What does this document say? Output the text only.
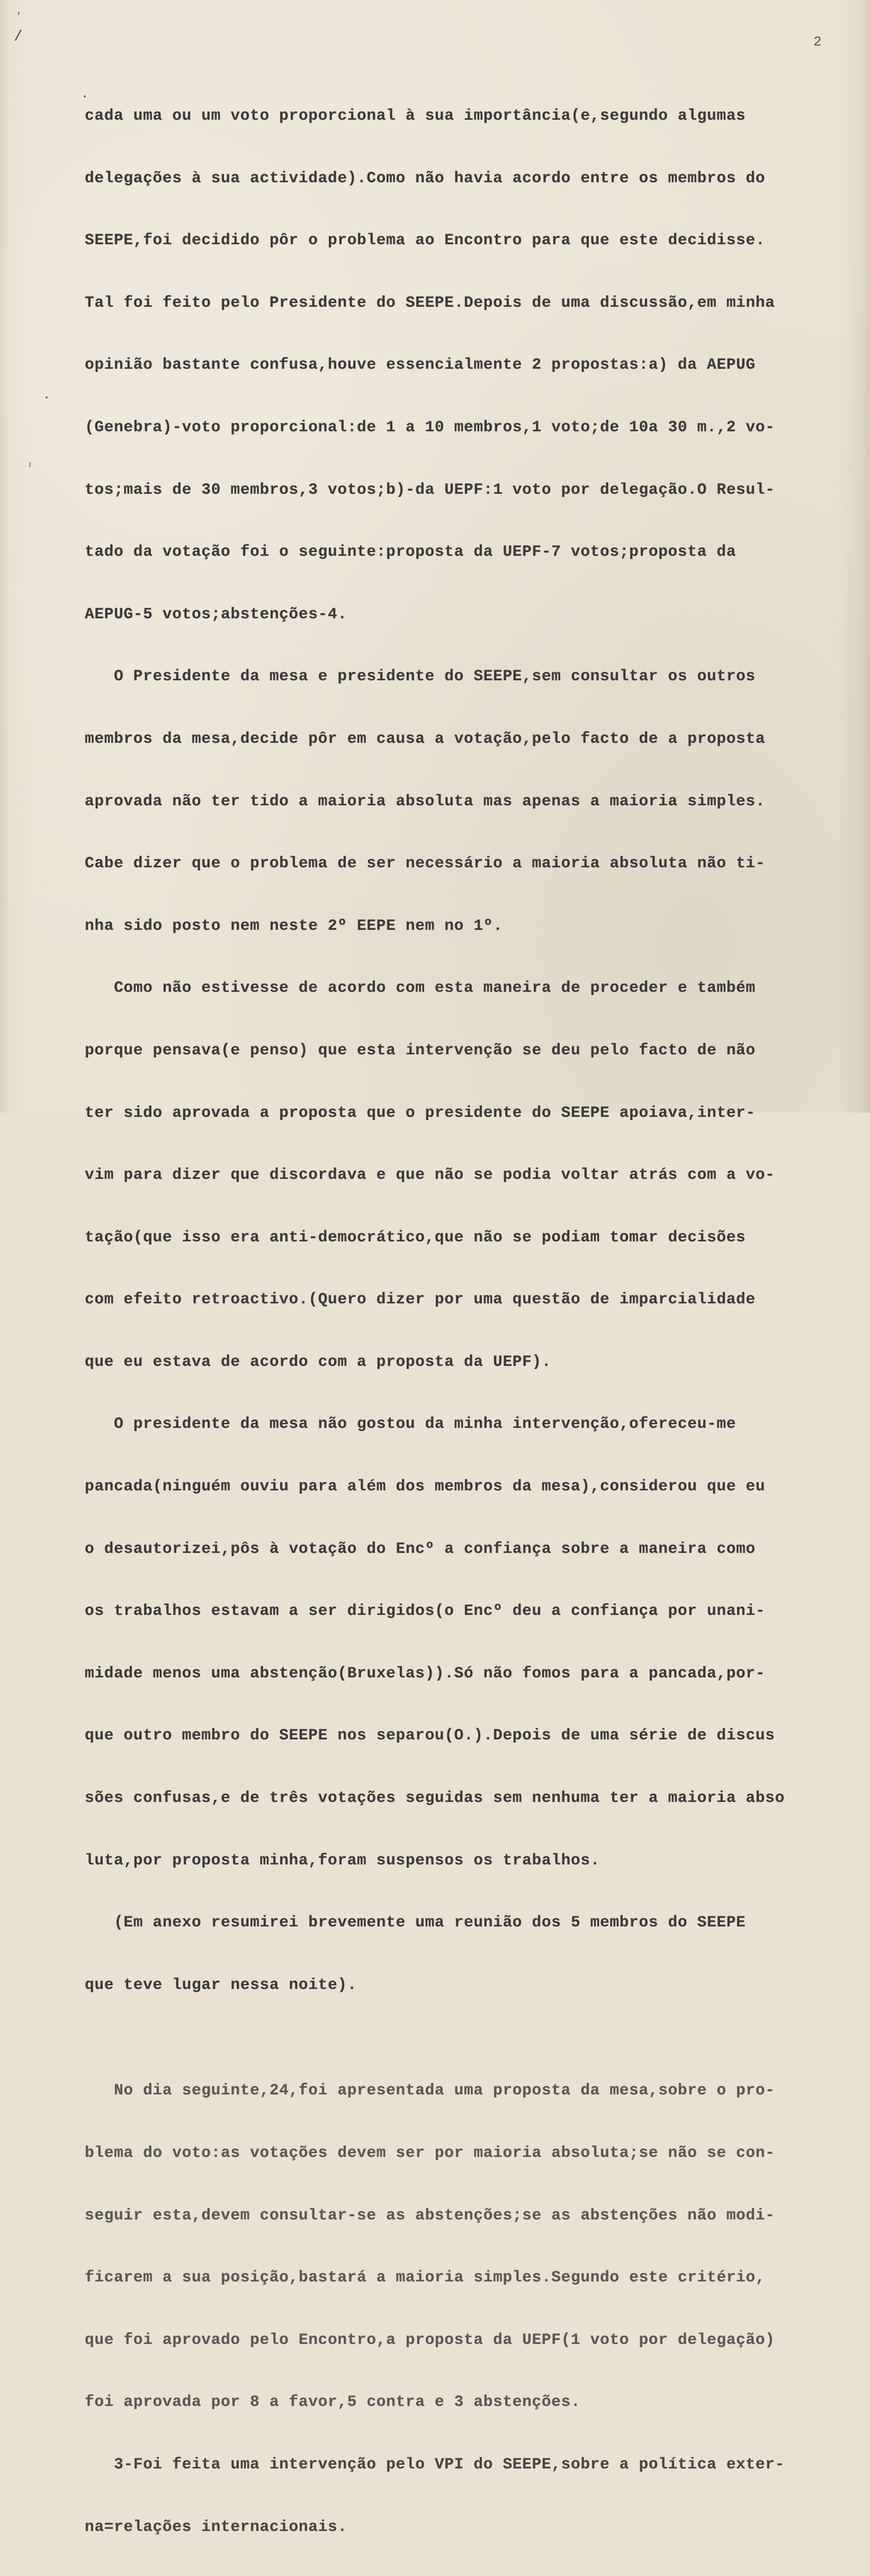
'
/	2

cada uma ou um voto proporcional à sua importância(e,segundo algumas

delegações à sua actividade).Como não havia acordo entre os membros do

SEEPE,foi decidido pôr o problema ao Encontro para que este decidisse.

Tal foi feito pelo Presidente do SEEPE.Depois de uma discussão,em minha

opinião bastante confusa,houve essencialmente 2 propostas:a) da AEPUG

(Genebra)-voto proporcional:de 1 a 10 membros,1 voto;de 10a 30 m.,2 vo-

tos;mais de 30 membros,3 votos;b)-da UEPF:1 voto por delegação.O Resul-

tado da votação foi o seguinte:proposta da UEPF-7 votos;proposta da

AEPUG-5 votos;abstenções-4.

O Presidente da mesa e presidente do SEEPE,sem consultar os outros

membros da mesa,decide pôr em causa a votação,pelo facto de a proposta

aprovada não ter tido a maioria absoluta mas apenas a maioria simples.

Cabe dizer que o problema de ser necessário a maioria absoluta não ti-

nha sido posto nem neste 2º EEPE nem no 1º.

Como não estivesse de acordo com esta maneira de proceder e também

porque pensava(e penso) que esta intervenção se deu pelo facto de não

ter sido aprovada a proposta que o presidente do SEEPE apoiava,inter-

vim para dizer que discordava e que não se podia voltar atrás com a vo-

tação(que isso era anti-democrático,que não se podiam tomar decisões

com efeito retroactivo.(Quero dizer por uma questão de imparcialidade

que eu estava de acordo com a proposta da UEPF).

O presidente da mesa não gostou da minha intervenção,ofereceu-me

pancada(ninguém ouviu para além dos membros da mesa),considerou que eu

o desautorizei,pôs à votação do Encº a confiança sobre a maneira como

os trabalhos estavam a ser dirigidos(o Encº deu a confiança por unani-

midade menos uma abstenção(Bruxelas)).Só não fomos para a pancada,por-

que outro membro do SEEPE nos separou(O.).Depois de uma série de discus

sões confusas,e de três votações seguidas sem nenhuma ter a maioria abso

luta,por proposta minha,foram suspensos os trabalhos.

(Em anexo resumirei brevemente uma reunião dos 5 membros do SEEPE

que teve lugar nessa noite).

No dia seguinte,24,foi apresentada uma proposta da mesa,sobre o pro-

blema do voto:as votações devem ser por maioria absoluta;se não se con-

seguir esta,devem consultar-se as abstenções;se as abstenções não modi-

ficarem a sua posição,bastará a maioria simples.Segundo este critério,

que foi aprovado pelo Encontro,a proposta da UEPF(1 voto por delegação)

foi aprovada por 8 a favor,5 contra e 3 abstenções.

3-Foi feita uma intervenção pelo VPI do SEEPE,sobre a política exter-

na=relações internacionais.
